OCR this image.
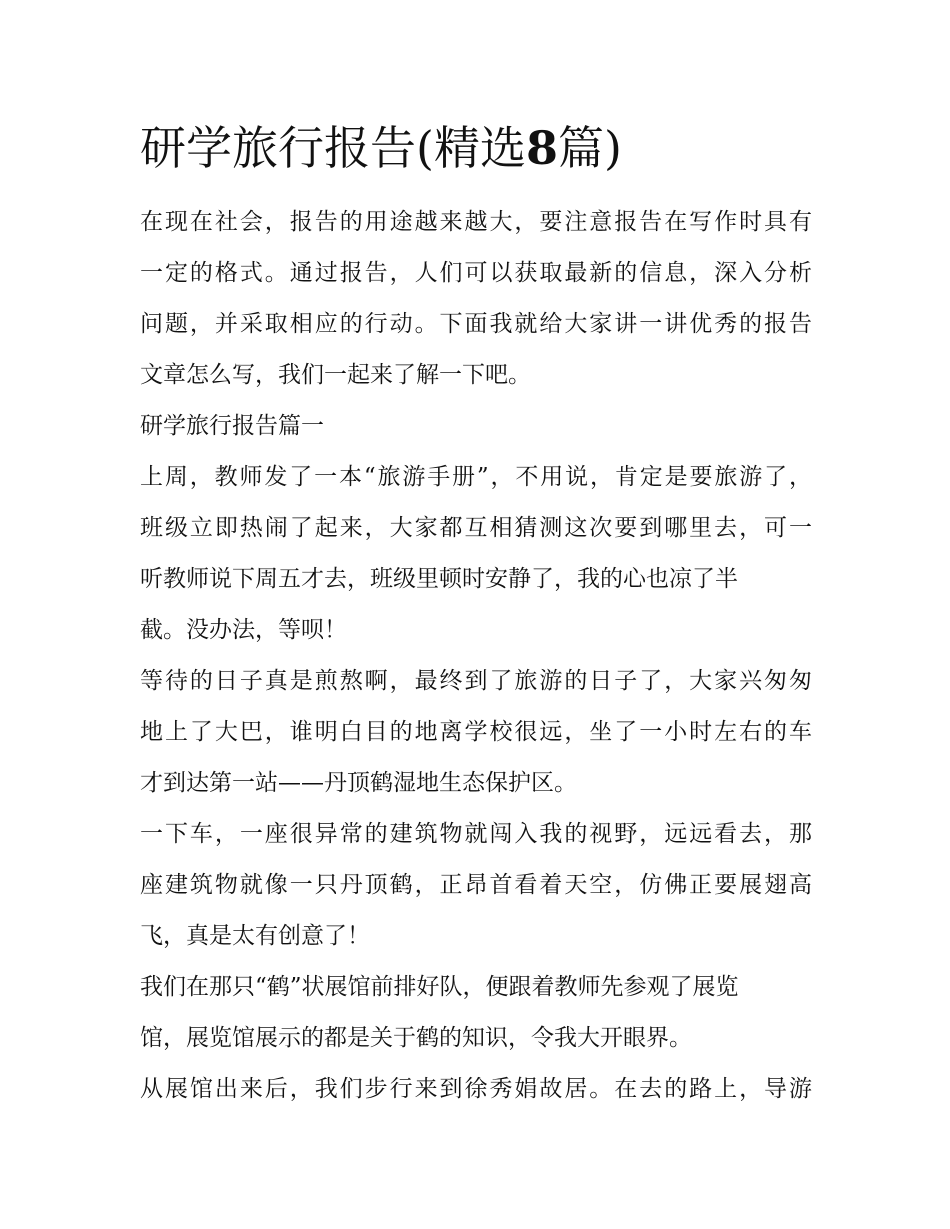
研学旅行报告(精选8篇)

在现在社会，报告的用途越来越大，要注意报告在写作时具有
一定的格式。通过报告，人们可以获取最新的信息，深入分析
问题，并采取相应的行动。下面我就给大家讲一讲优秀的报告
文章怎么写，我们一起来了解一下吧。

研学旅行报告篇一

上周，教师发了一本“旅游手册”，不用说，肯定是要旅游了，
班级立即热闹了起来，大家都互相猜测这次要到哪里去，可一
听教师说下周五才去，班级里顿时安静了，我的心也凉了半
截。没办法，等呗！

等待的日子真是煎熬啊，最终到了旅游的日子了，大家兴匆匆
地上了大巴，谁明白目的地离学校很远，坐了一小时左右的车
才到达第一站——丹顶鹤湿地生态保护区。

一下车，一座很异常的建筑物就闯入我的视野，远远看去，那
座建筑物就像一只丹顶鹤，正昂首看着天空，仿佛正要展翅高
飞，真是太有创意了！

我们在那只“鹤”状展馆前排好队，便跟着教师先参观了展览
馆，展览馆展示的都是关于鹤的知识，令我大开眼界。

从展馆出来后，我们步行来到徐秀娟故居。在去的路上，导游
